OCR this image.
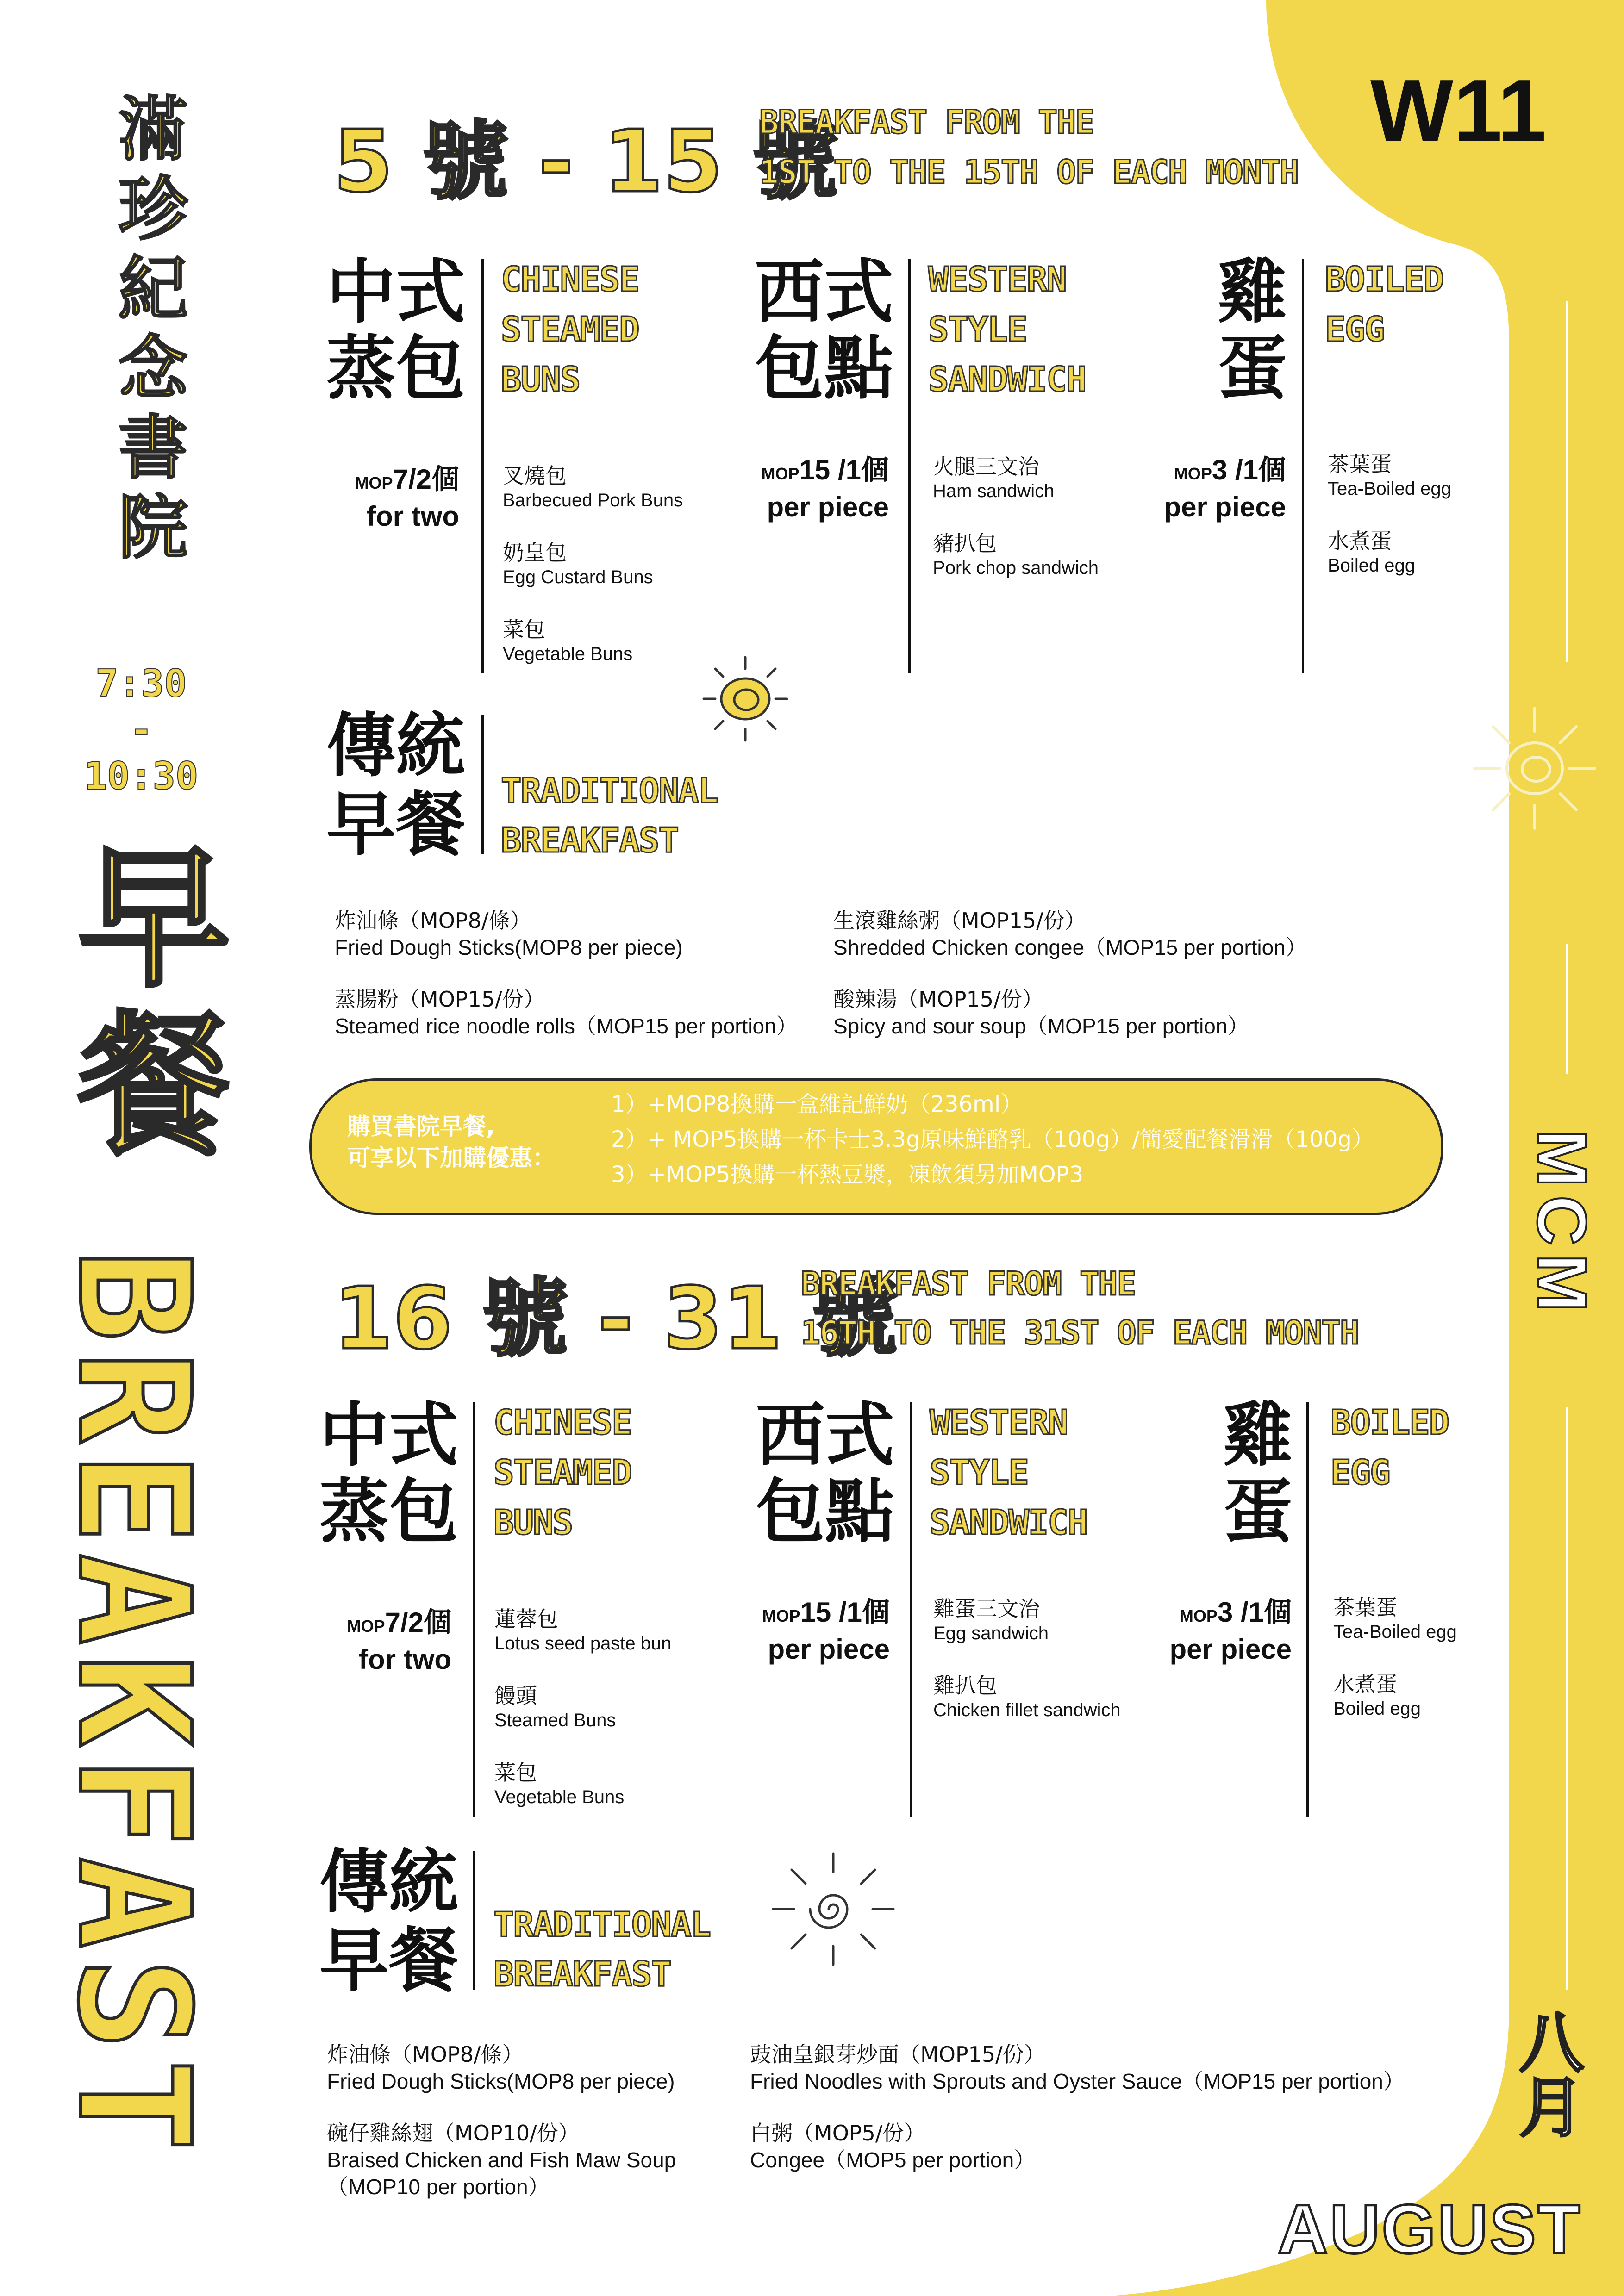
滿珍紀念書院
7:30
-
10:30
早餐
BREAKFAST
W11
MCM
八月
AUGUST
5 號 - 15 號
BREAKFAST FROM THE
1ST TO THE 15TH OF EACH MONTH
中式
蒸包
CHINESE
STEAMED
BUNS
MOP7/2個
for two
叉燒包
Barbecued Pork Buns
奶皇包
Egg Custard Buns
菜包
Vegetable Buns
西式
包點
WESTERN
STYLE
SANDWICH
MOP15 /1個
per piece
火腿三文治
Ham sandwich
豬扒包
Pork chop sandwich
雞
蛋
BOILED
EGG
MOP3 /1個
per piece
茶葉蛋
Tea-Boiled egg
水煮蛋
Boiled egg
傳統
早餐 TRADITIONAL
BREAKFAST
炸油條（MOP8/條）
Fried Dough Sticks(MOP8 per piece)
生滾雞絲粥（MOP15/份）
Shredded Chicken congee（MOP15 per portion）
蒸腸粉（MOP15/份）
Steamed rice noodle rolls（MOP15 per portion）
酸辣湯（MOP15/份）
Spicy and sour soup（MOP15 per portion）
購買書院早餐,
可享以下加購優惠：
1）+MOP8換購一盒維記鮮奶（236ml）
2）+ MOP5換購一杯卡士3.3g原味鮮酪乳（100g）/簡愛配餐滑滑（100g）
3）+MOP5換購一杯熱豆漿，凍飲須另加MOP3
16 號 - 31 號
BREAKFAST FROM THE
16TH TO THE 31ST OF EACH MONTH
中式
蒸包
CHINESE
STEAMED
BUNS
MOP7/2個
for two
蓮蓉包
Lotus seed paste bun
饅頭
Steamed Buns
菜包
Vegetable Buns
西式
包點
WESTERN
STYLE
SANDWICH
MOP15 /1個
per piece
雞蛋三文治
Egg sandwich
雞扒包
Chicken fillet sandwich
雞
蛋
BOILED
EGG
MOP3 /1個
per piece
茶葉蛋
Tea-Boiled egg
水煮蛋
Boiled egg
傳統
早餐 TRADITIONAL
BREAKFAST
炸油條（MOP8/條）
Fried Dough Sticks(MOP8 per piece)
豉油皇銀芽炒面（MOP15/份）
Fried Noodles with Sprouts and Oyster Sauce（MOP15 per portion）
碗仔雞絲翅（MOP10/份）
Braised Chicken and Fish Maw Soup
（MOP10 per portion）
白粥（MOP5/份）
Congee（MOP5 per portion）
